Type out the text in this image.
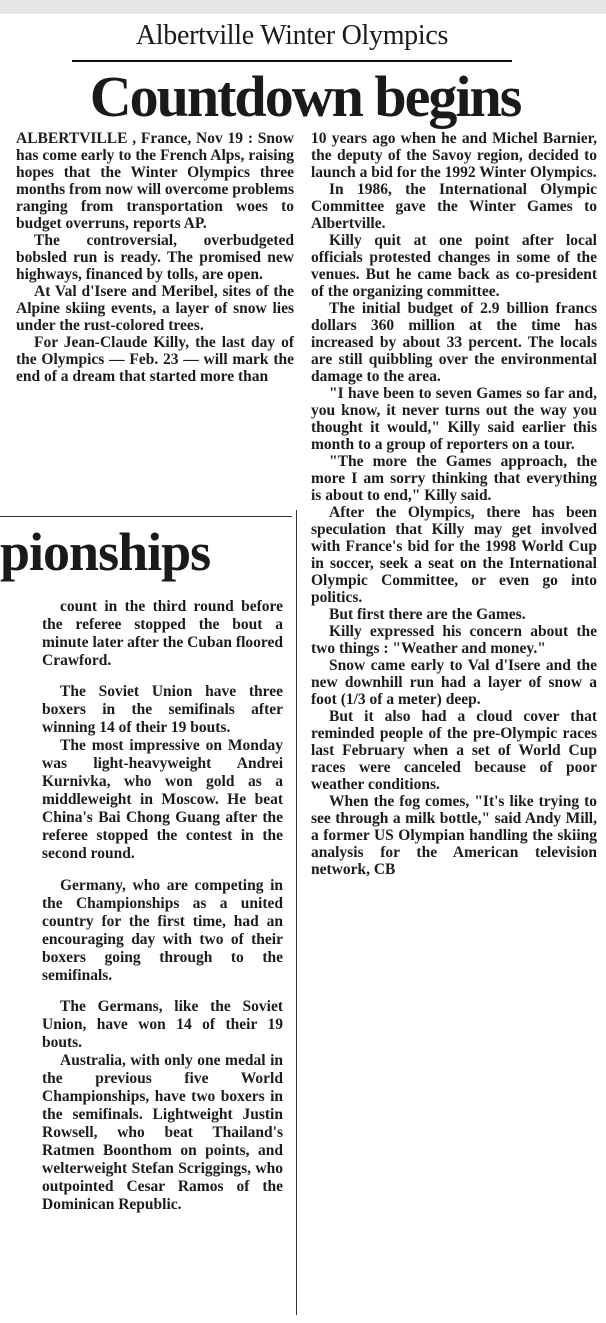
Albertville Winter Olympics
Countdown begins

ALBERTVILLE , France, Nov 19 : Snow has come early to the French Alps, raising hopes that the Winter Olympics three months from now will overcome problems ranging from transportation woes to budget overruns, reports AP.

The controversial, overbudgeted bobsled run is ready. The promised new highways, financed by tolls, are open.

At Val d'Isere and Meribel, sites of the Alpine skiing events, a layer of snow lies under the rust-colored trees.

For Jean-Claude Killy, the last day of the Olympics — Feb. 23 — will mark the end of a dream that started more than

10 years ago when he and Michel Barnier, the deputy of the Savoy region, decided to launch a bid for the 1992 Winter Olympics.

In 1986, the International Olympic Committee gave the Winter Games to Albertville.

Killy quit at one point after local officials protested changes in some of the venues. But he came back as co-president of the organizing committee.

The initial budget of 2.9 billion francs dollars 360 million at the time has increased by about 33 percent. The locals are still quibbling over the environmental damage to the area.

"I have been to seven Games so far and, you know, it never turns out the way you thought it would," Killy said earlier this month to a group of reporters on a tour.

"The more the Games approach, the more I am sorry thinking that everything is about to end," Killy said.

After the Olympics, there has been speculation that Killy may get involved with France's bid for the 1998 World Cup in soccer, seek a seat on the International Olympic Committee, or even go into politics.

But first there are the Games.

Killy expressed his concern about the two things : "Weather and money."

Snow came early to Val d'Isere and the new downhill run had a layer of snow a foot (1/3 of a meter) deep.

But it also had a cloud cover that reminded people of the pre-Olympic races last February when a set of World Cup races were canceled because of poor weather conditions.

When the fog comes, "It's like trying to see through a milk bottle," said Andy Mill, a former US Olympian handling the skiing analysis for the American television network, CB

pionships

count in the third round before the referee stopped the bout a minute later after the Cuban floored Crawford.

The Soviet Union have three boxers in the semifinals after winning 14 of their 19 bouts.

The most impressive on Monday was light-heavyweight Andrei Kurnivka, who won gold as a middleweight in Moscow. He beat China's Bai Chong Guang after the referee stopped the contest in the second round.

Germany, who are competing in the Championships as a united country for the first time, had an encouraging day with two of their boxers going through to the semifinals.

The Germans, like the Soviet Union, have won 14 of their 19 bouts.

Australia, with only one medal in the previous five World Championships, have two boxers in the semifinals. Lightweight Justin Rowsell, who beat Thailand's Ratmen Boonthom on points, and welterweight Stefan Scriggings, who outpointed Cesar Ramos of the Dominican Republic.
